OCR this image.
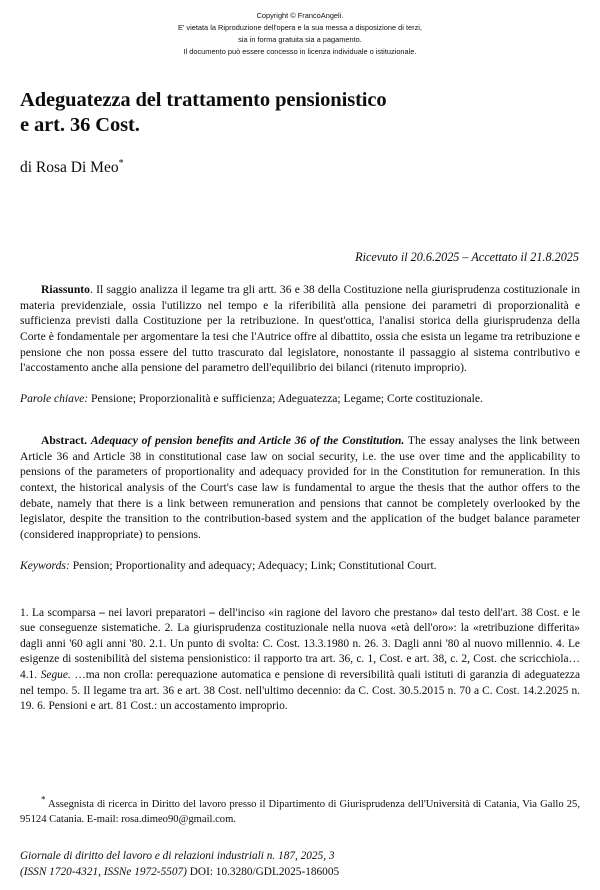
Copyright © FrancoAngeli.
E' vietata la Riproduzione dell'opera e la sua messa a disposizione di terzi,
sia in forma gratuita sia a pagamento.
Il documento può essere concesso in licenza individuale o istituzionale.
Adeguatezza del trattamento pensionistico
e art. 36 Cost.
di Rosa Di Meo*
Ricevuto il 20.6.2025 – Accettato il 21.8.2025

Riassunto. Il saggio analizza il legame tra gli artt. 36 e 38 della Costituzione nella giurisprudenza costituzionale in materia previdenziale, ossia l'utilizzo nel tempo e la riferibilità alla pensione dei parametri di proporzionalità e sufficienza previsti dalla Costituzione per la retribuzione. In quest'ottica, l'analisi storica della giurisprudenza della Corte è fondamentale per argomentare la tesi che l'Autrice offre al dibattito, ossia che esista un legame tra retribuzione e pensione che non possa essere del tutto trascurato dal legislatore, nonostante il passaggio al sistema contributivo e l'accostamento anche alla pensione del parametro dell'equilibrio dei bilanci (ritenuto improprio).

Parole chiave: Pensione; Proporzionalità e sufficienza; Adeguatezza; Legame; Corte costituzionale.

Abstract. Adequacy of pension benefits and Article 36 of the Constitution. The essay analyses the link between Article 36 and Article 38 in constitutional case law on social security, i.e. the use over time and the applicability to pensions of the parameters of proportionality and adequacy provided for in the Constitution for remuneration. In this context, the historical analysis of the Court's case law is fundamental to argue the thesis that the author offers to the debate, namely that there is a link between remuneration and pensions that cannot be completely overlooked by the legislator, despite the transition to the contribution-based system and the application of the budget balance parameter (considered inappropriate) to pensions.

Keywords: Pension; Proportionality and adequacy; Adequacy; Link; Constitutional Court.

1. La scomparsa – nei lavori preparatori – dell'inciso «in ragione del lavoro che prestano» dal testo dell'art. 38 Cost. e le sue conseguenze sistematiche. 2. La giurisprudenza costituzionale nella nuova «età dell'oro»: la «retribuzione differita» dagli anni '60 agli anni '80. 2.1. Un punto di svolta: C. Cost. 13.3.1980 n. 26. 3. Dagli anni '80 al nuovo millennio. 4. Le esigenze di sostenibilità del sistema pensionistico: il rapporto tra art. 36, c. 1, Cost. e art. 38, c. 2, Cost. che scricchiola… 4.1. Segue. …ma non crolla: perequazione automatica e pensione di reversibilità quali istituti di garanzia di adeguatezza nel tempo. 5. Il legame tra art. 36 e art. 38 Cost. nell'ultimo decennio: da C. Cost. 30.5.2015 n. 70 a C. Cost. 14.2.2025 n. 19. 6. Pensioni e art. 81 Cost.: un accostamento improprio.

* Assegnista di ricerca in Diritto del lavoro presso il Dipartimento di Giurisprudenza dell'Università di Catania, Via Gallo 25, 95124 Catania. E-mail: rosa.dimeo90@gmail.com.
Giornale di diritto del lavoro e di relazioni industriali n. 187, 2025, 3
(ISSN 1720-4321, ISSNe 1972-5507) DOI: 10.3280/GDL2025-186005
